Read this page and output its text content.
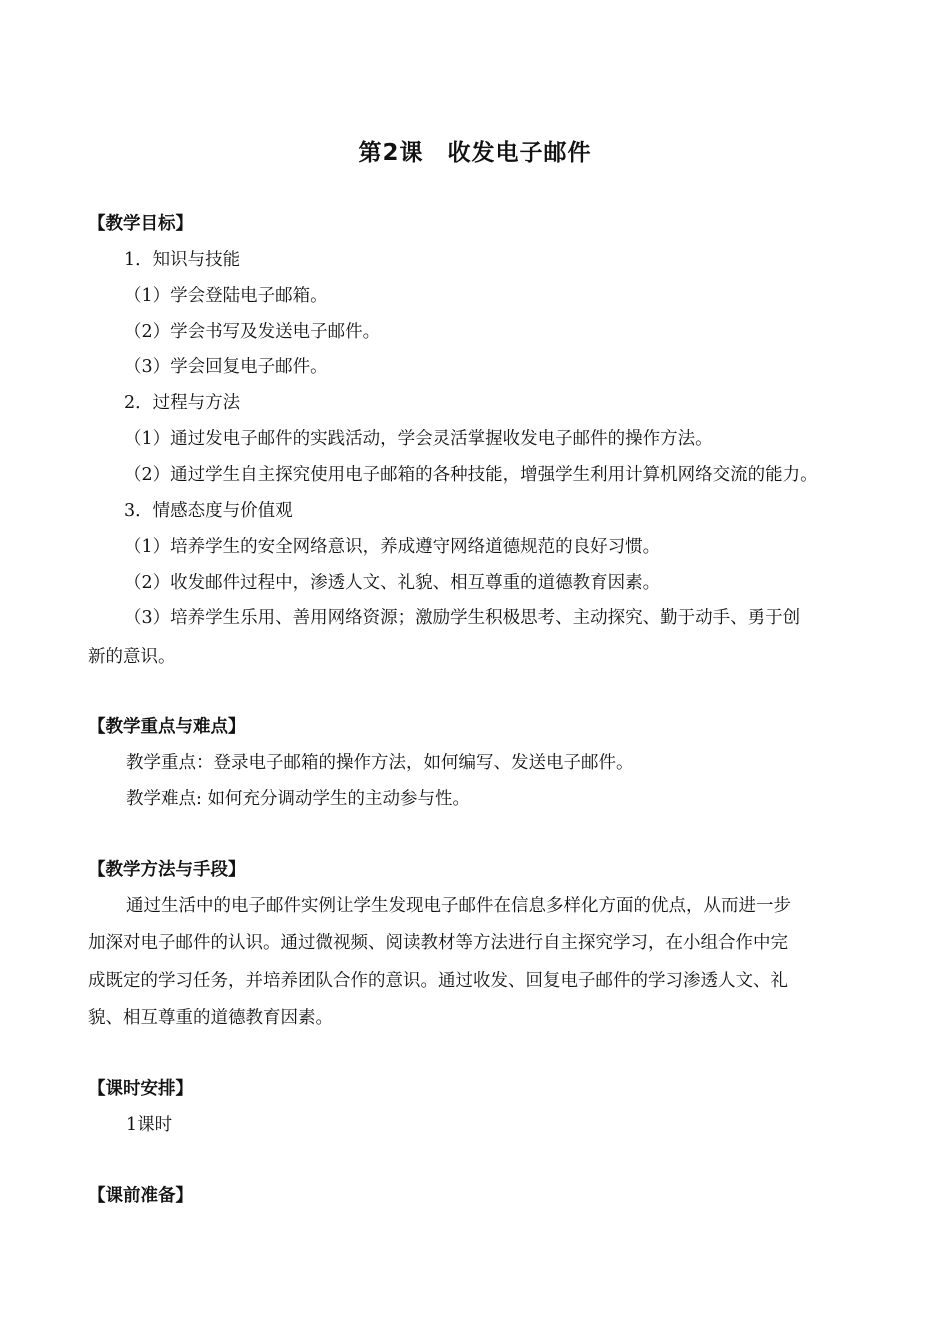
第2课　收发电子邮件
【教学目标】
1．知识与技能
（1）学会登陆电子邮箱。
（2）学会书写及发送电子邮件。
（3）学会回复电子邮件。
2．过程与方法
（1）通过发电子邮件的实践活动，学会灵活掌握收发电子邮件的操作方法。
（2）通过学生自主探究使用电子邮箱的各种技能，增强学生利用计算机网络交流的能力。
3．情感态度与价值观
（1）培养学生的安全网络意识，养成遵守网络道德规范的良好习惯。
（2）收发邮件过程中，渗透人文、礼貌、相互尊重的道德教育因素。
（3）培养学生乐用、善用网络资源；激励学生积极思考、主动探究、勤于动手、勇于创
新的意识。
【教学重点与难点】
教学重点：登录电子邮箱的操作方法，如何编写、发送电子邮件。
教学难点: 如何充分调动学生的主动参与性。
【教学方法与手段】
通过生活中的电子邮件实例让学生发现电子邮件在信息多样化方面的优点，从而进一步
加深对电子邮件的认识。通过微视频、阅读教材等方法进行自主探究学习，在小组合作中完
成既定的学习任务，并培养团队合作的意识。通过收发、回复电子邮件的学习渗透人文、礼
貌、相互尊重的道德教育因素。
【课时安排】
1课时
【课前准备】
